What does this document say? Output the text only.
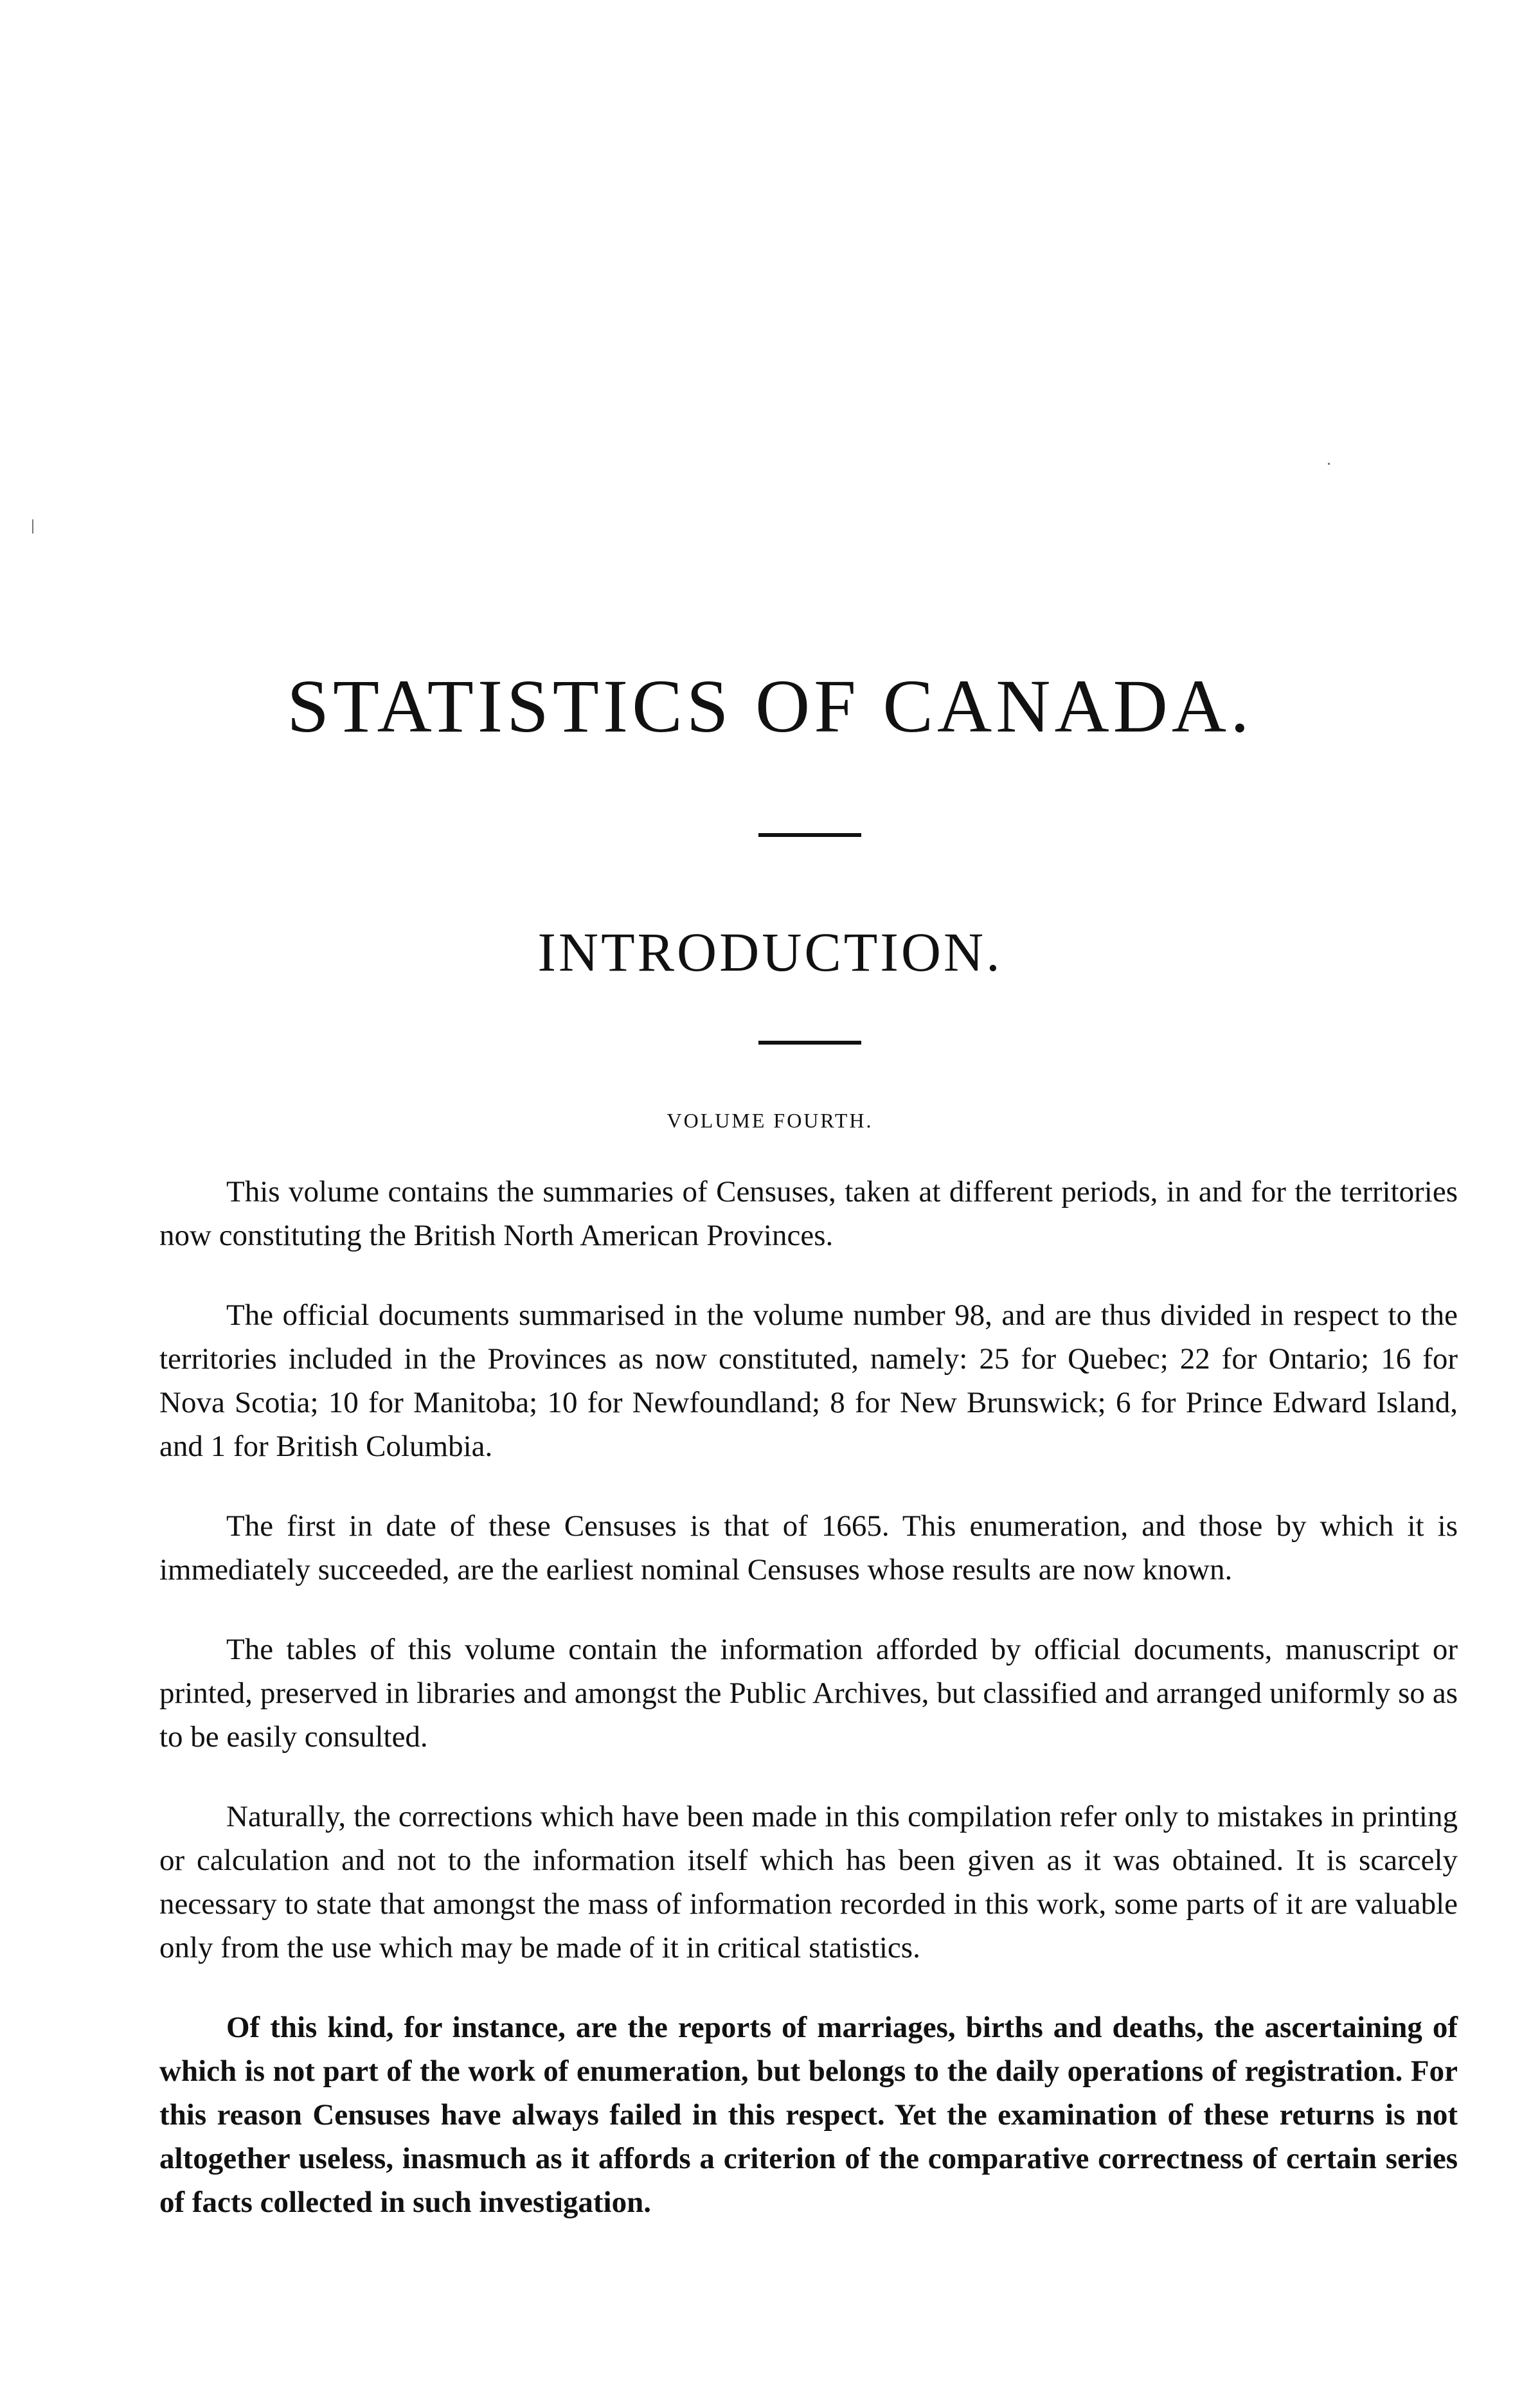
STATISTICS OF CANADA.
INTRODUCTION.
VOLUME FOURTH.

This volume contains the summaries of Censuses, taken at different periods, in and for the territories now constituting the British North American Provinces.

The official documents summarised in the volume number 98, and are thus divided in respect to the territories included in the Provinces as now constituted, namely: 25 for Quebec; 22 for Ontario; 16 for Nova Scotia; 10 for Manitoba; 10 for Newfoundland; 8 for New Brunswick; 6 for Prince Edward Island, and 1 for British Columbia.

The first in date of these Censuses is that of 1665. This enumeration, and those by which it is immediately succeeded, are the earliest nominal Censuses whose results are now known.

The tables of this volume contain the information afforded by official documents, manuscript or printed, preserved in libraries and amongst the Public Archives, but classified and arranged uniformly so as to be easily consulted.

Naturally, the corrections which have been made in this compilation refer only to mistakes in printing or calculation and not to the information itself which has been given as it was obtained. It is scarcely necessary to state that amongst the mass of information recorded in this work, some parts of it are valuable only from the use which may be made of it in critical statistics.

Of this kind, for instance, are the reports of marriages, births and deaths, the ascertaining of which is not part of the work of enumeration, but belongs to the daily operations of registration. For this reason Censuses have always failed in this respect. Yet the examination of these returns is not altogether useless, inasmuch as it affords a criterion of the comparative correctness of certain series of facts collected in such investigation.
